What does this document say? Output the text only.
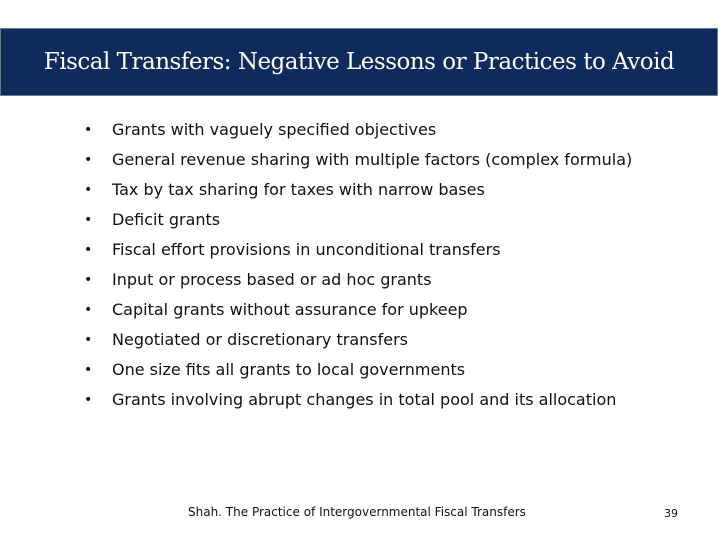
Fiscal Transfers: Negative Lessons or Practices to Avoid
•	Grants with vaguely specified objectives
•	General revenue sharing with multiple factors (complex formula)
•	Tax by tax sharing for taxes with narrow bases
•	Deficit grants
•	Fiscal effort provisions in unconditional transfers
•	Input or process based or ad hoc grants
•	Capital grants without assurance for upkeep
•	Negotiated or discretionary transfers
•	One size fits all grants to local governments
•	Grants involving abrupt changes in total pool and its allocation
Shah. The Practice of Intergovernmental Fiscal Transfers	39
